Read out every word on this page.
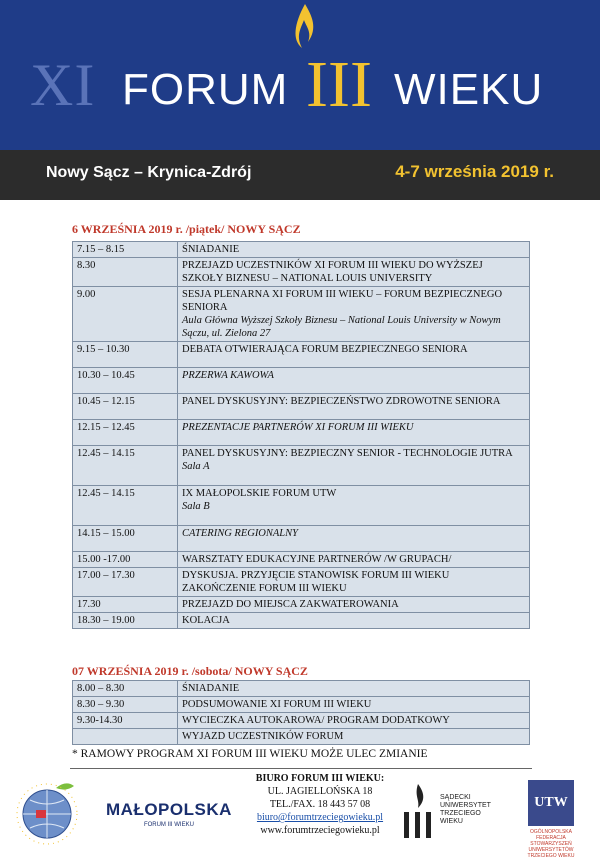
XI FORUM III WIEKU
Nowy Sącz – Krynica-Zdrój	4-7 września 2019 r.
6 WRZEŚNIA 2019 r. /piątek/ NOWY SĄCZ
7.15 – 8.15	ŚNIADANIE

8.30	PRZEJAZD UCZESTNIKÓW XI FORUM III WIEKU DO WYŻSZEJ SZKOŁY BIZNESU – NATIONAL LOUIS UNIVERSITY

9.00	SESJA PLENARNA XI FORUM III WIEKU – FORUM BEZPIECZNEGO SENIORA
Aula Główna Wyższej Szkoły Biznesu – National Louis University w Nowym Sączu, ul. Zielona 27

9.15 – 10.30	DEBATA OTWIERAJĄCA FORUM BEZPIECZNEGO SENIORA

10.30 – 10.45	PRZERWA KAWOWA

10.45 – 12.15	PANEL DYSKUSYJNY: BEZPIECZEŃSTWO ZDROWOTNE SENIORA

12.15 – 12.45	PREZENTACJE PARTNERÓW XI FORUM III WIEKU

12.45 – 14.15	PANEL DYSKUSYJNY: BEZPIECZNY SENIOR - TECHNOLOGIE JUTRA
Sala A

12.45 – 14.15	IX MAŁOPOLSKIE FORUM UTW
Sala B

14.15 – 15.00	CATERING REGIONALNY

15.00 -17.00	WARSZTATY EDUKACYJNE PARTNERÓW /W GRUPACH/

17.00 – 17.30	DYSKUSJA. PRZYJĘCIE STANOWISK FORUM III WIEKU
ZAKOŃCZENIE FORUM III WIEKU

17.30	PRZEJAZD DO MIEJSCA ZAKWATEROWANIA

18.30 – 19.00	KOLACJA
07 WRZEŚNIA 2019 r. /sobota/ NOWY SĄCZ
8.00 – 8.30	ŚNIADANIE

8.30 – 9.30	PODSUMOWANIE XI FORUM III WIEKU

9.30-14.30	WYCIECZKA AUTOKAROWA/ PROGRAM DODATKOWY

	WYJAZD UCZESTNIKÓW FORUM
* RAMOWY PROGRAM XI FORUM III WIEKU MOŻE ULEC ZMIANIE
MAŁOPOLSKA
FORUM III WIEKU
BIURO FORUM III WIEKU:
UL. JAGIELLOŃSKA 18
TEL./FAX. 18 443 57 08
biuro@forumtrzeciegowieku.pl
www.forumtrzeciegowieku.pl
SĄDECKI UNIWERSYTET TRZECIEGO WIEKU
UTW
OGÓLNOPOLSKA FEDERACJA STOWARZYSZEŃ UNIWERSYTETÓW TRZECIEGO WIEKU
